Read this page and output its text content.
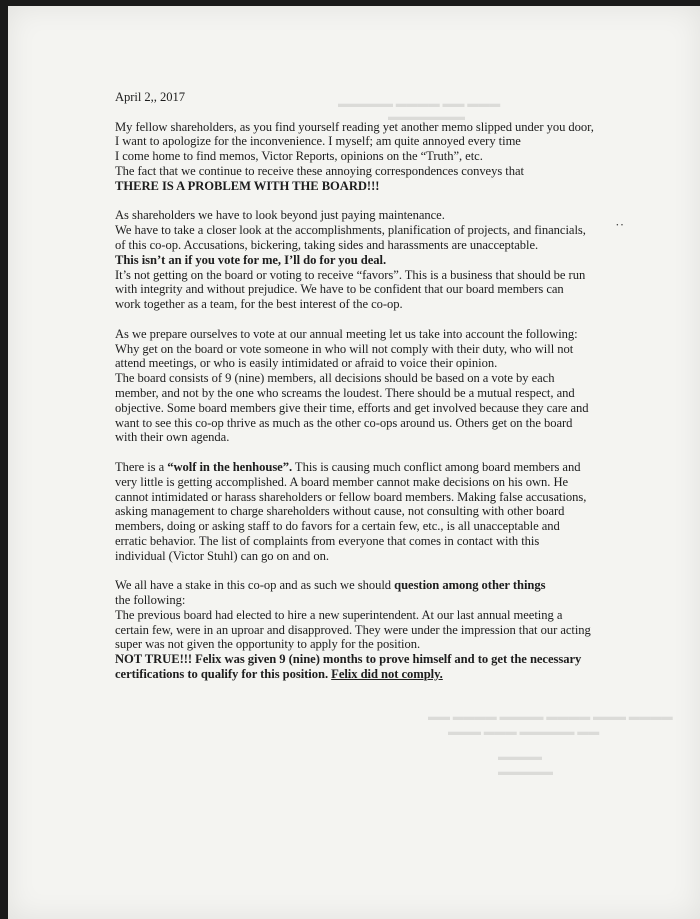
▬▬▬ ▬▬ ▬▬▬▬ ▬▬▬▬▬
▬▬▬▬▬▬▬
▬▬▬▬ ▬▬▬ ▬▬▬▬ ▬▬▬▬ ▬▬▬▬ ▬▬
▬▬ ▬▬▬▬▬ ▬▬▬ ▬▬▬
▬▬▬▬
▬▬▬▬▬
˙˙
April 2,, 2017
My fellow shareholders, as you find yourself reading yet another memo slipped under you door,
I want to apologize for the inconvenience. I myself; am quite annoyed every time
I come home to find memos, Victor Reports, opinions on the “Truth”, etc.
The fact that we continue to receive these annoying correspondences conveys that
THERE IS A PROBLEM WITH THE BOARD!!!
As shareholders we have to look beyond just paying maintenance.
We have to take a closer look at the accomplishments, planification of projects, and financials,
of this co-op. Accusations, bickering, taking sides and harassments are unacceptable.
This isn’t an if you vote for me, I’ll do for you deal.
It’s not getting on the board or voting to receive “favors”. This is a business that should be run
with integrity and without prejudice. We have to be confident that our board members can
work together as a team, for the best interest of the co-op.
As we prepare ourselves to vote at our annual meeting let us take into account the following:
Why get on the board or vote someone in who will not comply with their duty, who will not
attend meetings, or who is easily intimidated or afraid to voice their opinion.
The board consists of 9 (nine) members, all decisions should be based on a vote by each
member, and not by the one who screams the loudest. There should be a mutual respect, and
objective. Some board members give their time, efforts and get involved because they care and
want to see this co-op thrive as much as the other co-ops around us. Others get on the board
with their own agenda.
There is a “wolf in the henhouse”. This is causing much conflict among board members and
very little is getting accomplished. A board member cannot make decisions on his own. He
cannot intimidated or harass shareholders or fellow board members. Making false accusations,
asking management to charge shareholders without cause, not consulting with other board
members, doing or asking staff to do favors for a certain few, etc., is all unacceptable and
erratic behavior. The list of complaints from everyone that comes in contact with this
individual (Victor Stuhl) can go on and on.
We all have a stake in this co-op and as such we should question among other things
the following:
The previous board had elected to hire a new superintendent. At our last annual meeting a
certain few, were in an uproar and disapproved. They were under the impression that our acting
super was not given the opportunity to apply for the position.
NOT TRUE!!! Felix was given 9 (nine) months to prove himself and to get the necessary
certifications to qualify for this position. Felix did not comply.
